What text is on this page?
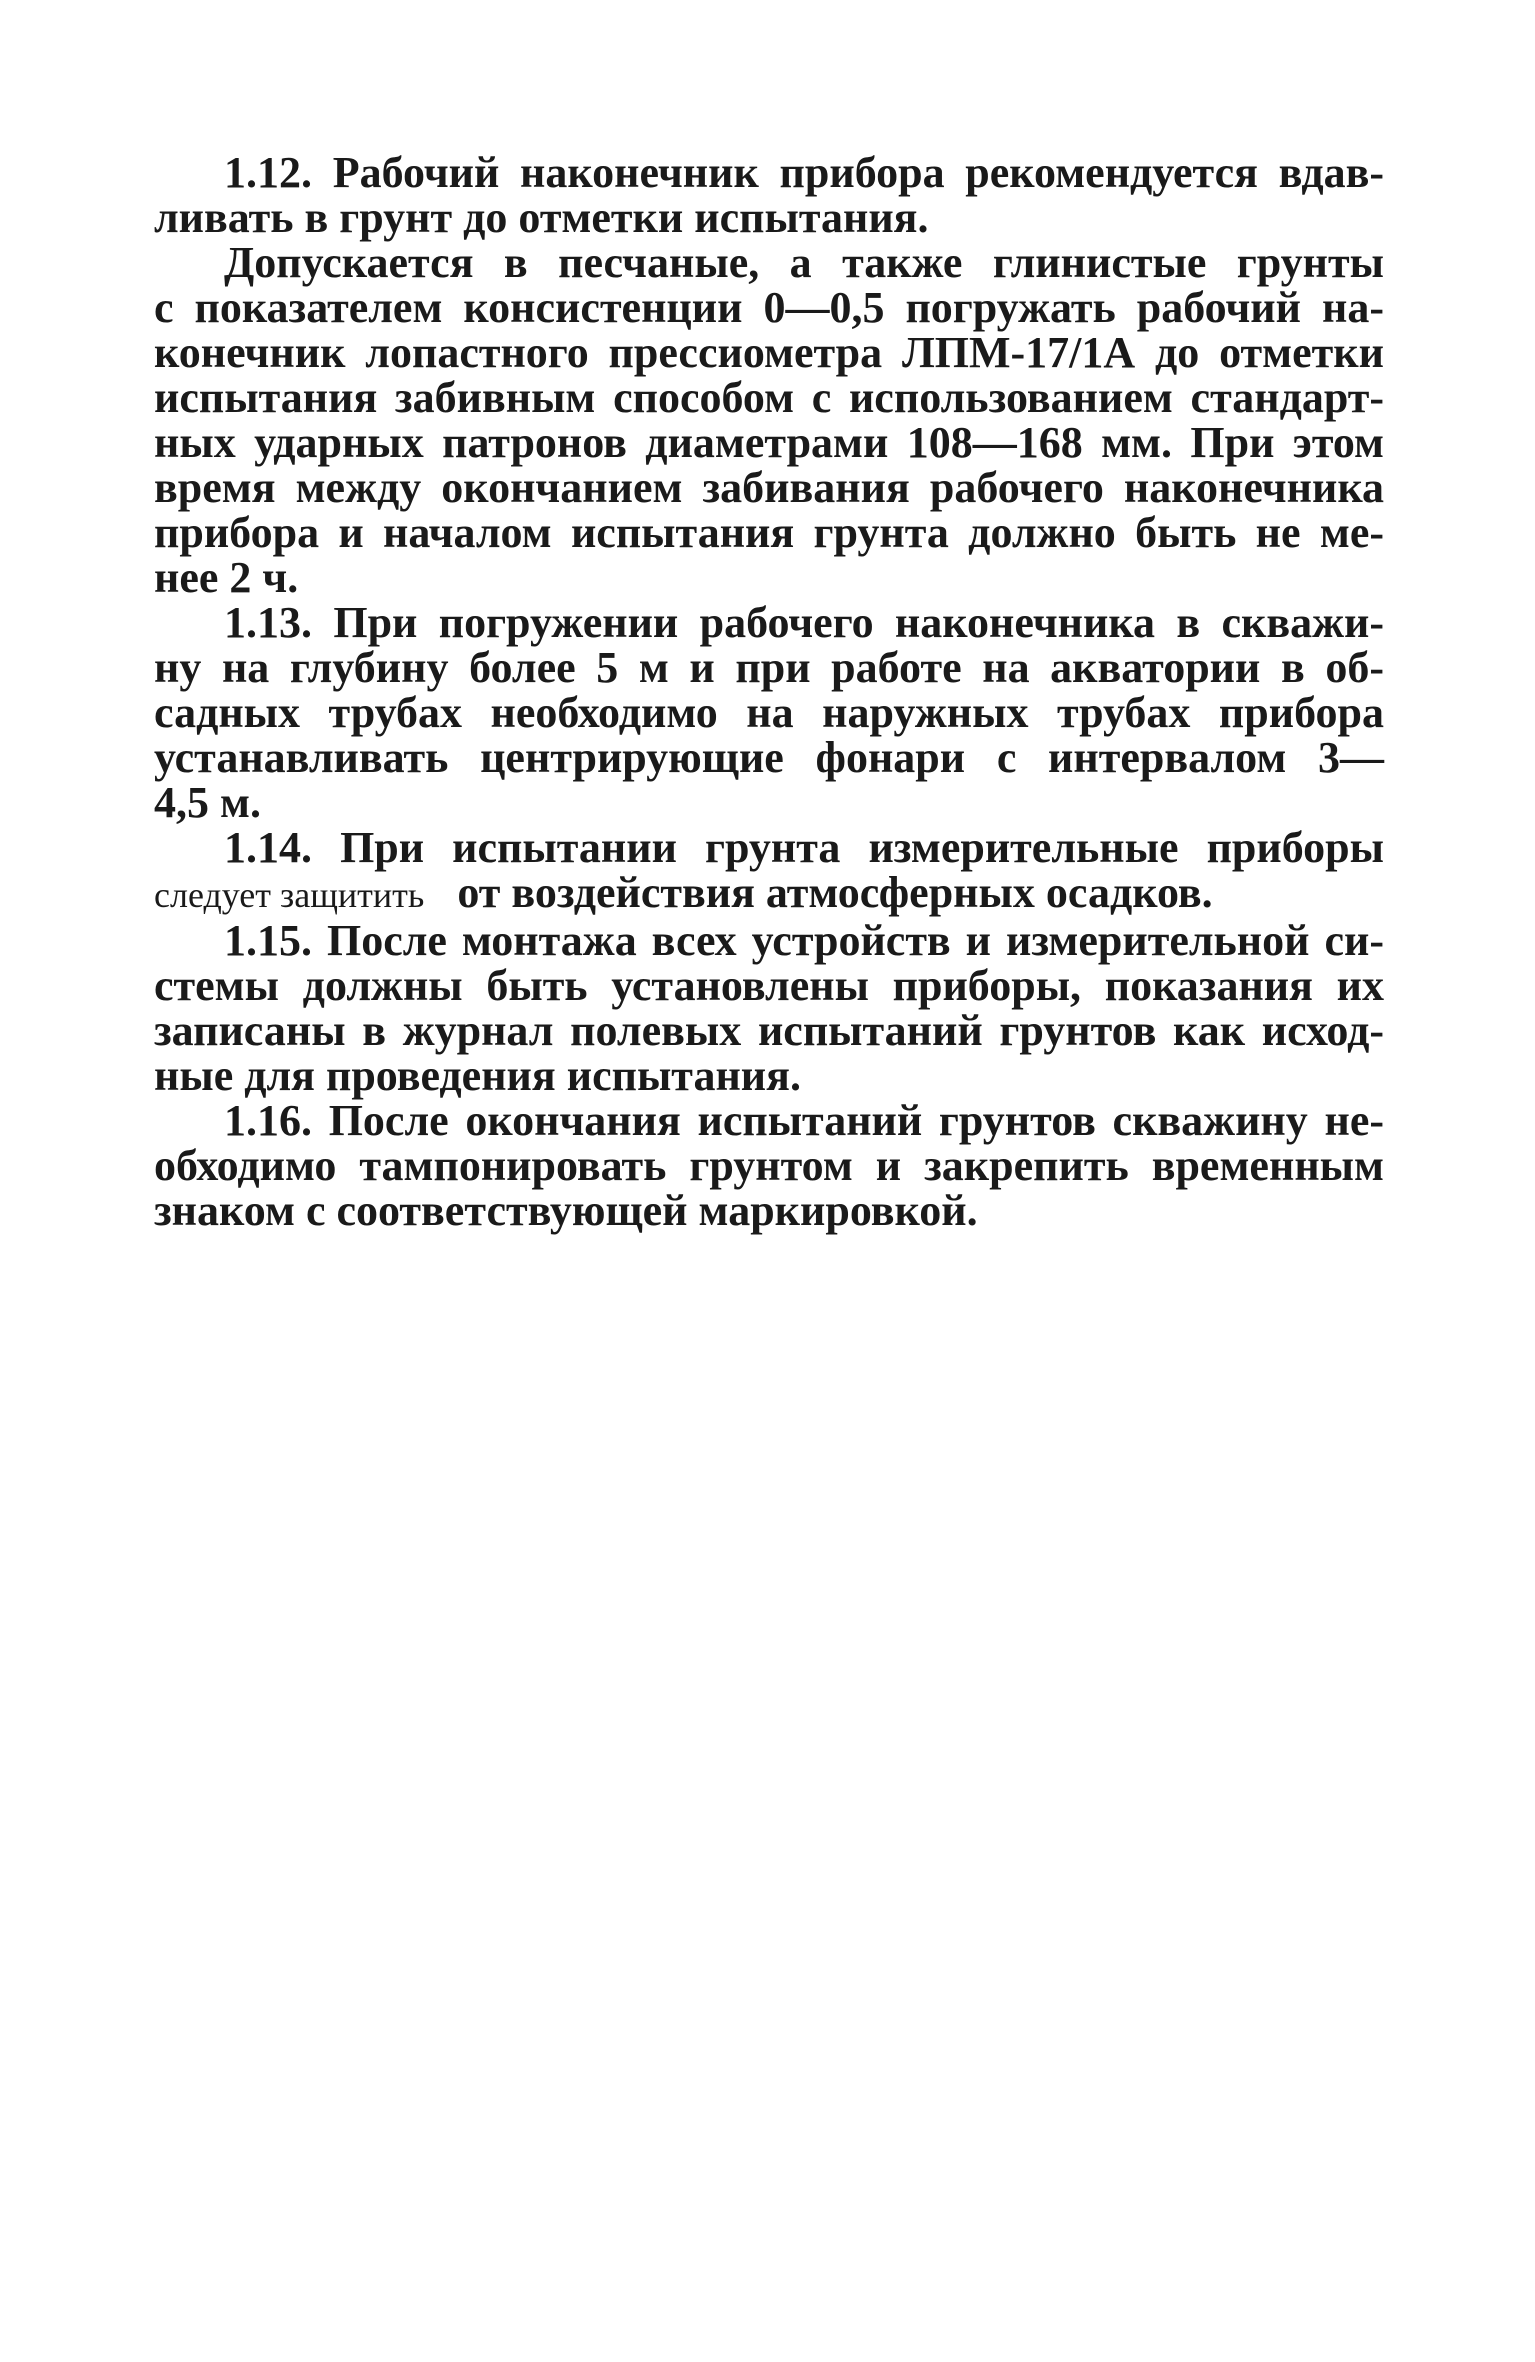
1.12. Рабочий наконечник прибора рекомендуется вдав-
ливать в грунт до отметки испытания.
Допускается в песчаные, а также глинистые грунты
с показателем консистенции 0—0,5 погружать рабочий на-
конечник лопастного прессиометра ЛПМ-17/1А до отметки
испытания забивным способом с использованием стандарт-
ных ударных патронов диаметрами 108—168 мм. При этом
время между окончанием забивания рабочего наконечника
прибора и началом испытания грунта должно быть не ме-
нее 2 ч.
1.13. При погружении рабочего наконечника в скважи-
ну на глубину более 5 м и при работе на акватории в об-
садных трубах необходимо на наружных трубах прибора
устанавливать центрирующие фонари с интервалом 3—
4,5 м.
1.14. При испытании грунта измерительные приборы
следует защитить от воздействия атмосферных осадков.
1.15. После монтажа всех устройств и измерительной си-
стемы должны быть установлены приборы, показания их
записаны в журнал полевых испытаний грунтов как исход-
ные для проведения испытания.
1.16. После окончания испытаний грунтов скважину не-
обходимо тампонировать грунтом и закрепить временным
знаком с соответствующей маркировкой.
